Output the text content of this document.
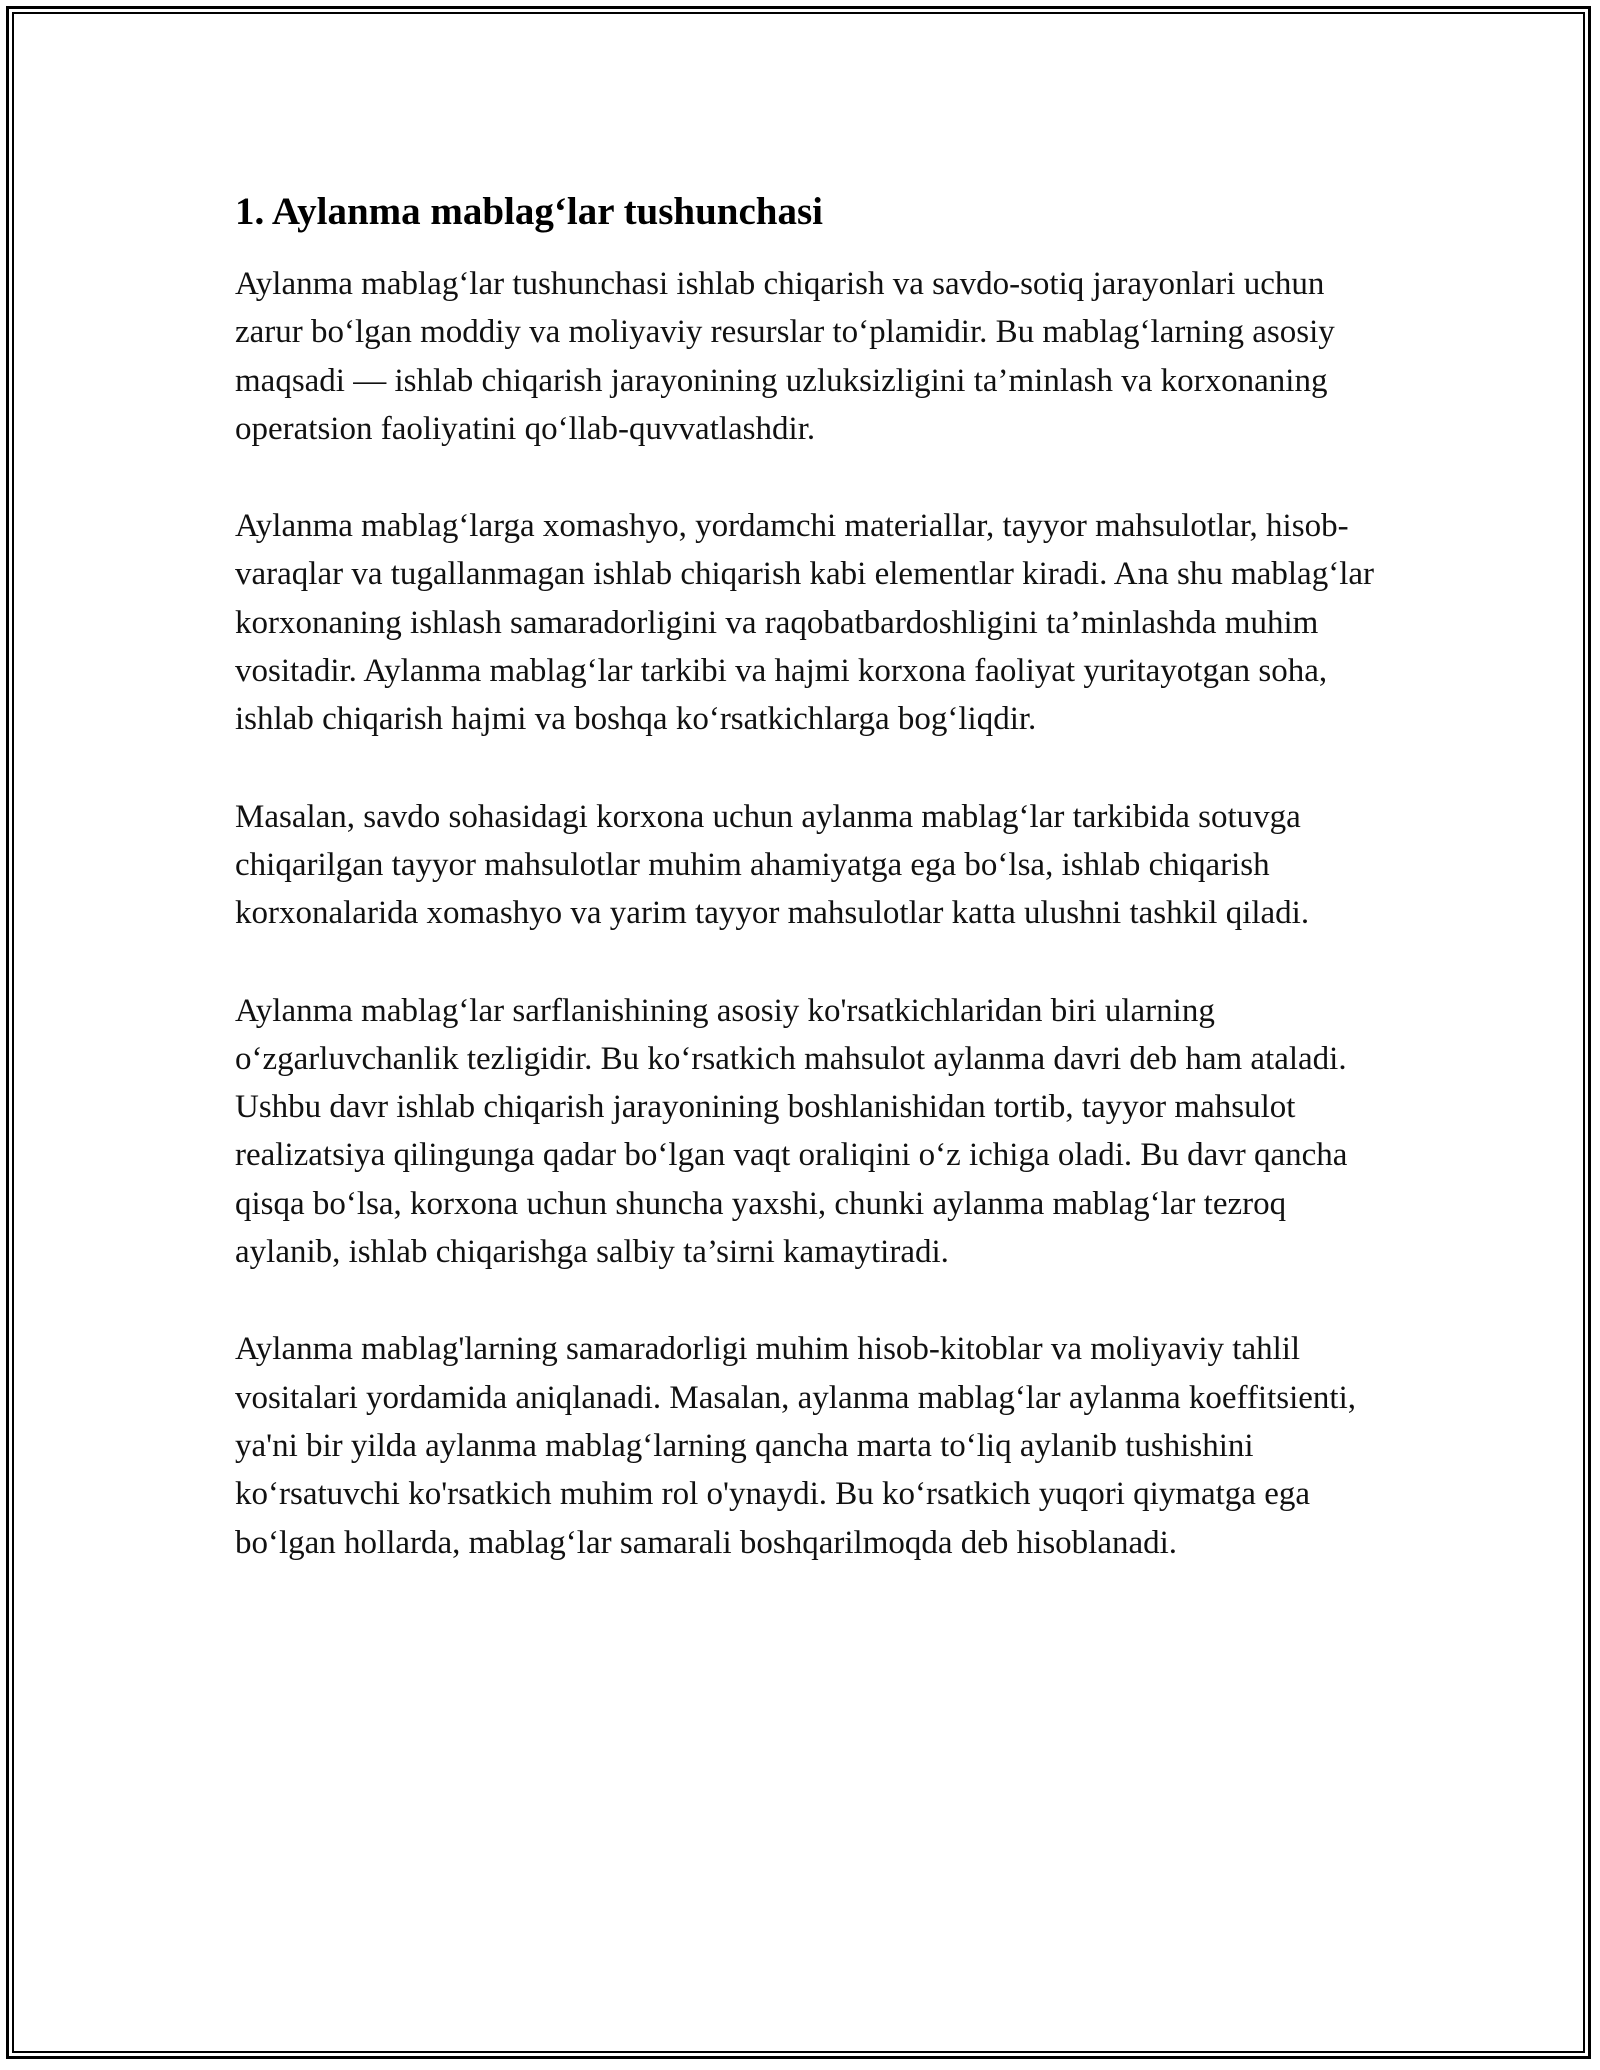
1. Aylanma mablag‘lar tushunchasi

Aylanma mablag‘lar tushunchasi ishlab chiqarish va savdo-sotiq jarayonlari uchun zarur bo‘lgan moddiy va moliyaviy resurslar to‘plamidir. Bu mablag‘larning asosiy maqsadi — ishlab chiqarish jarayonining uzluksizligini ta’minlash va korxonaning operatsion faoliyatini qo‘llab-quvvatlashdir.

Aylanma mablag‘larga xomashyo, yordamchi materiallar, tayyor mahsulotlar, hisob-varaqlar va tugallanmagan ishlab chiqarish kabi elementlar kiradi. Ana shu mablag‘lar korxonaning ishlash samaradorligini va raqobatbardoshligini ta’minlashda muhim vositadir. Aylanma mablag‘lar tarkibi va hajmi korxona faoliyat yuritayotgan soha, ishlab chiqarish hajmi va boshqa ko‘rsatkichlarga bog‘liqdir.

Masalan, savdo sohasidagi korxona uchun aylanma mablag‘lar tarkibida sotuvga chiqarilgan tayyor mahsulotlar muhim ahamiyatga ega bo‘lsa, ishlab chiqarish korxonalarida xomashyo va yarim tayyor mahsulotlar katta ulushni tashkil qiladi.

Aylanma mablag‘lar sarflanishining asosiy ko'rsatkichlaridan biri ularning o‘zgarluvchanlik tezligidir. Bu ko‘rsatkich mahsulot aylanma davri deb ham ataladi. Ushbu davr ishlab chiqarish jarayonining boshlanishidan tortib, tayyor mahsulot realizatsiya qilingunga qadar bo‘lgan vaqt oraliqini o‘z ichiga oladi. Bu davr qancha qisqa bo‘lsa, korxona uchun shuncha yaxshi, chunki aylanma mablag‘lar tezroq aylanib, ishlab chiqarishga salbiy ta’sirni kamaytiradi.

Aylanma mablag'larning samaradorligi muhim hisob-kitoblar va moliyaviy tahlil vositalari yordamida aniqlanadi. Masalan, aylanma mablag‘lar aylanma koeffitsienti, ya'ni bir yilda aylanma mablag‘larning qancha marta to‘liq aylanib tushishini ko‘rsatuvchi ko'rsatkich muhim rol o'ynaydi. Bu ko‘rsatkich yuqori qiymatga ega bo‘lgan hollarda, mablag‘lar samarali boshqarilmoqda deb hisoblanadi.
